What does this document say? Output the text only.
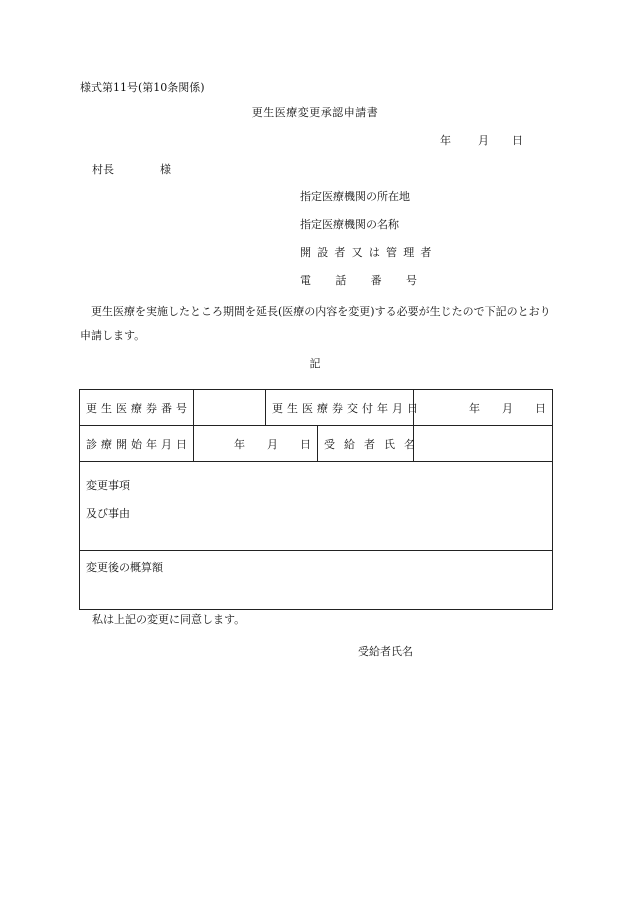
様式第11号(第10条関係)
更生医療変更承認申請書
年 月 日
村長	様
指定医療機関の所在地
指定医療機関の名称
開設者又は管理者
電 話 番 号
更生医療を実施したところ期間を延長(医療の内容を変更)する必要が生じたので下記のとおり申請します。
記
更生医療券番号		更生医療券交付年月日		年 月 日
診療開始年月日	年 月 日		受給者氏名	

変更事項
及び事由				

変更後の概算額				
私は上記の変更に同意します。
受給者氏名
